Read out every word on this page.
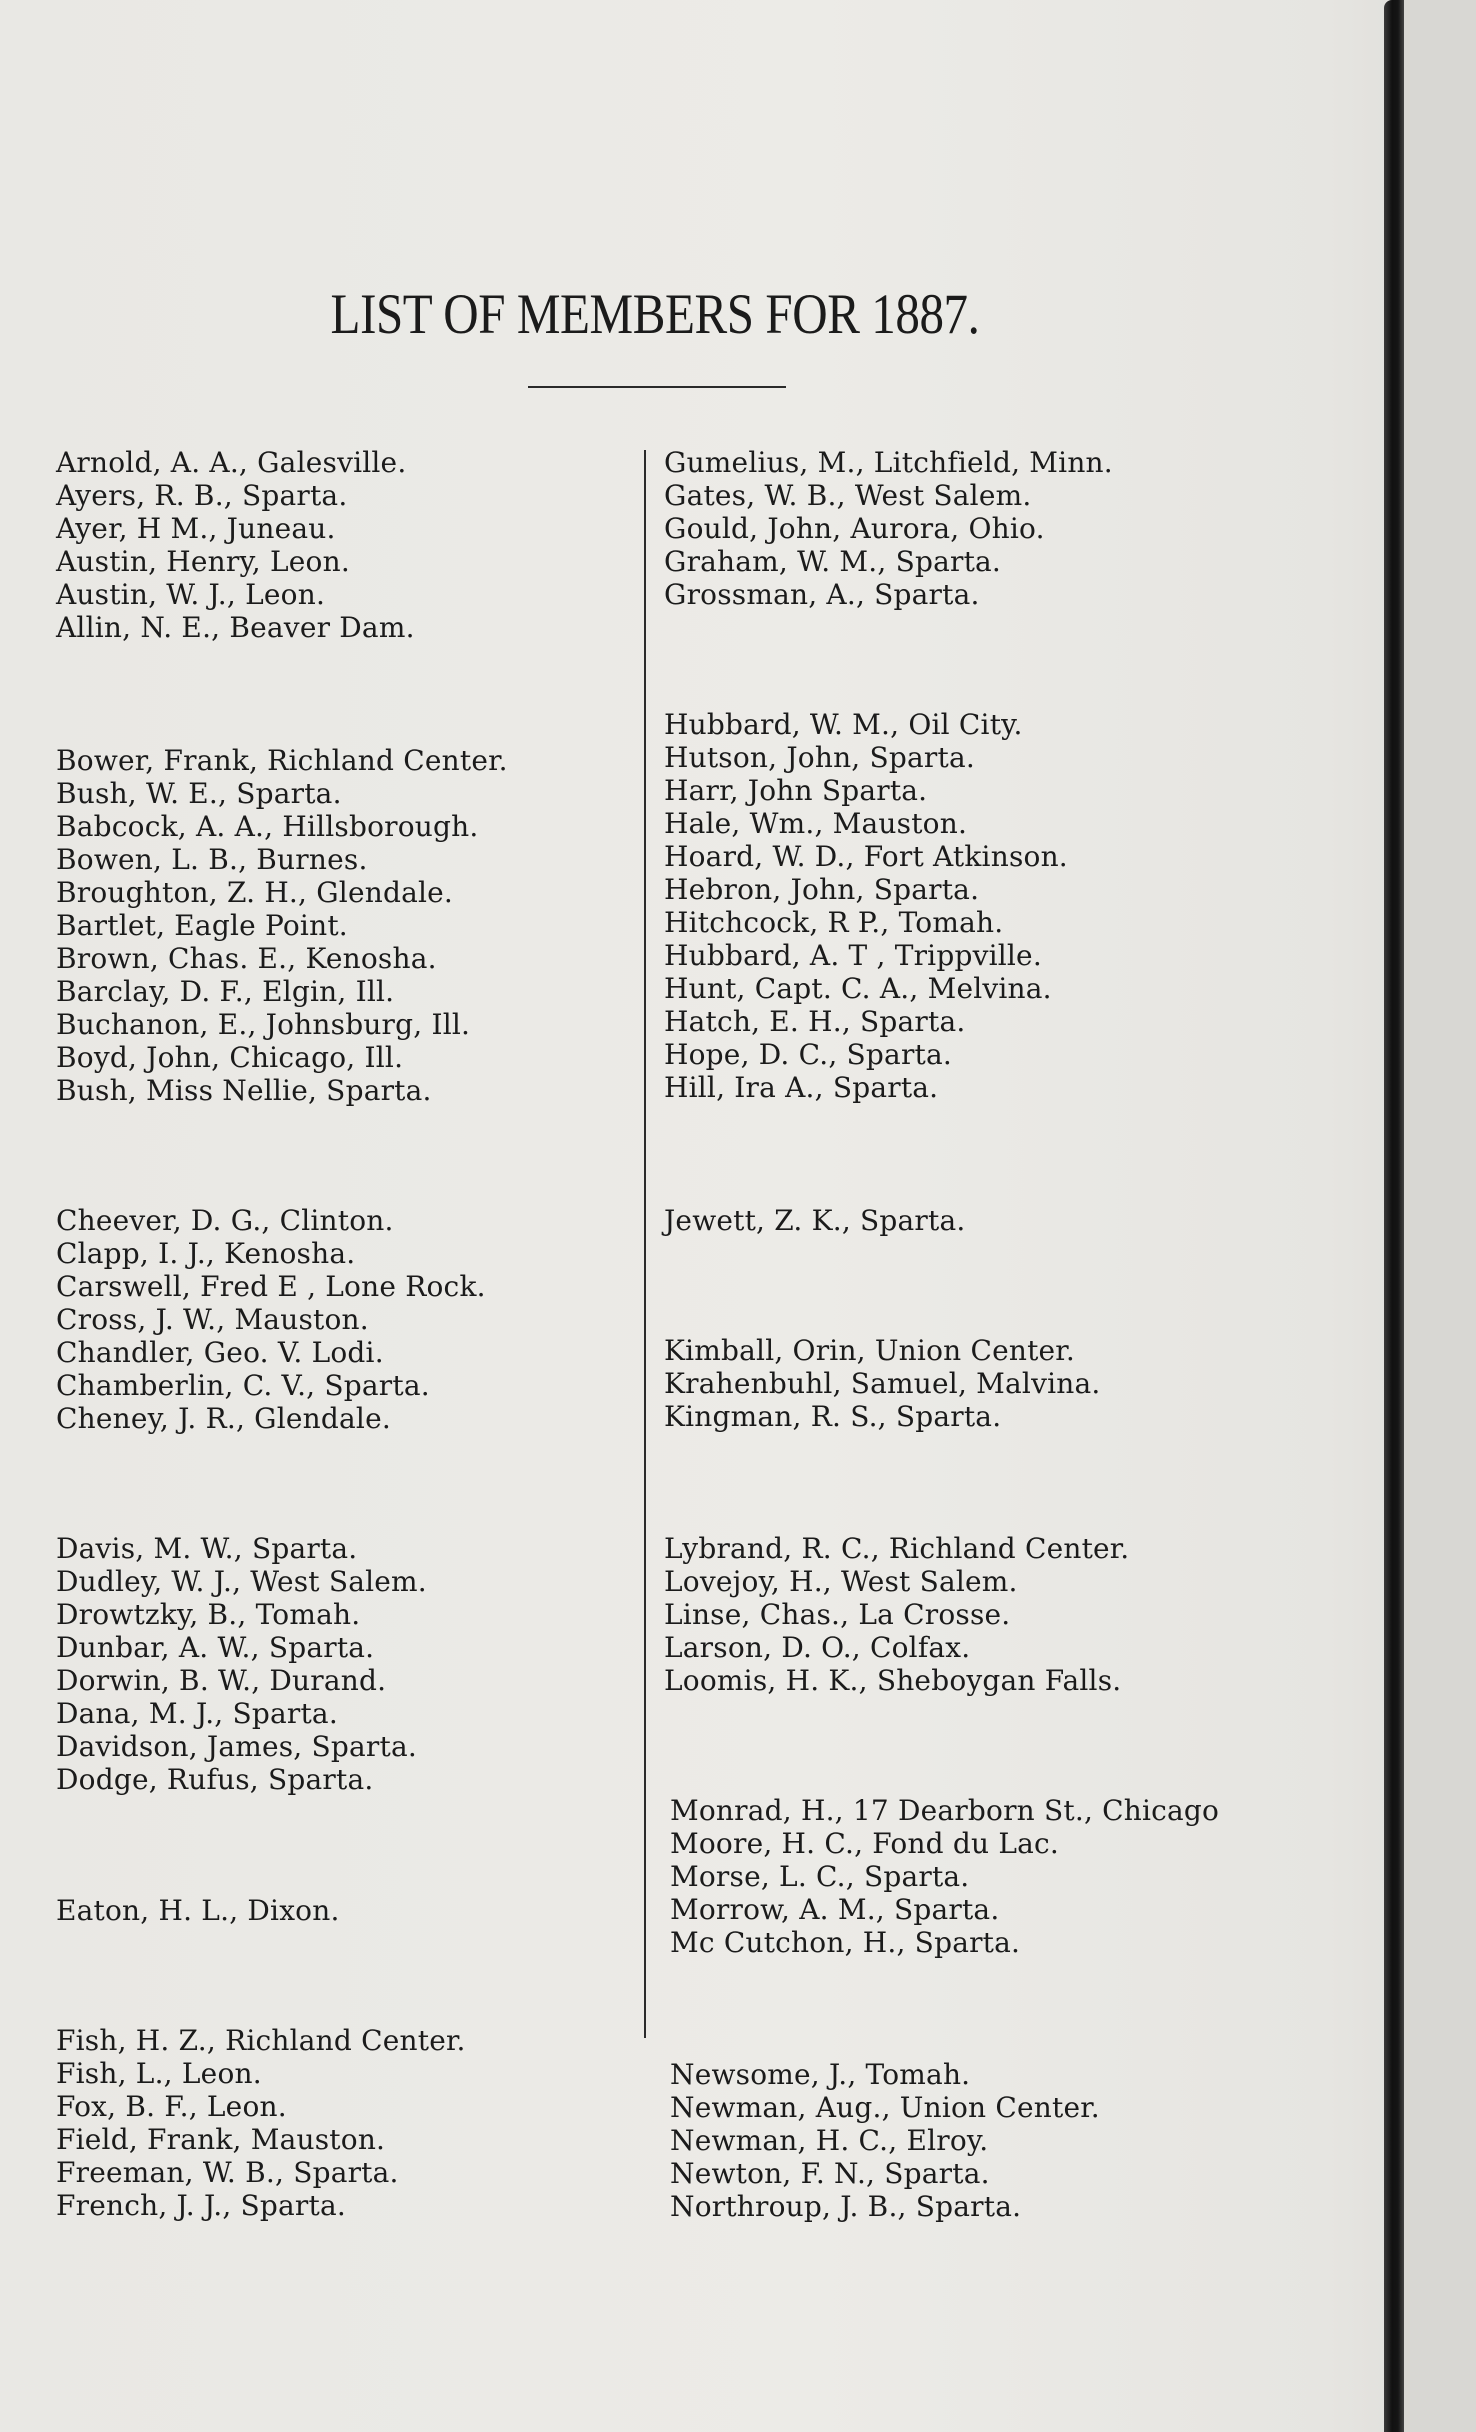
LIST OF MEMBERS FOR 1887.
Arnold, A. A., Galesville.
Ayers, R. B., Sparta.
Ayer, H M., Juneau.
Austin, Henry, Leon.
Austin, W. J., Leon.
Allin, N. E., Beaver Dam.
Bower, Frank, Richland Center.
Bush, W. E., Sparta.
Babcock, A. A., Hillsborough.
Bowen, L. B., Burnes.
Broughton, Z. H., Glendale.
Bartlet, Eagle Point.
Brown, Chas. E., Kenosha.
Barclay, D. F., Elgin, Ill.
Buchanon, E., Johnsburg, Ill.
Boyd, John, Chicago, Ill.
Bush, Miss Nellie, Sparta.
Cheever, D. G., Clinton.
Clapp, I. J., Kenosha.
Carswell, Fred E , Lone Rock.
Cross, J. W., Mauston.
Chandler, Geo. V. Lodi.
Chamberlin, C. V., Sparta.
Cheney, J. R., Glendale.
Davis, M. W., Sparta.
Dudley, W. J., West Salem.
Drowtzky, B., Tomah.
Dunbar, A. W., Sparta.
Dorwin, B. W., Durand.
Dana, M. J., Sparta.
Davidson, James, Sparta.
Dodge, Rufus, Sparta.
Eaton, H. L., Dixon.
Fish, H. Z., Richland Center.
Fish, L., Leon.
Fox, B. F., Leon.
Field, Frank, Mauston.
Freeman, W. B., Sparta.
French, J. J., Sparta.
Gumelius, M., Litchfield, Minn.
Gates, W. B., West Salem.
Gould, John, Aurora, Ohio.
Graham, W. M., Sparta.
Grossman, A., Sparta.
Hubbard, W. M., Oil City.
Hutson, John, Sparta.
Harr, John Sparta.
Hale, Wm., Mauston.
Hoard, W. D., Fort Atkinson.
Hebron, John, Sparta.
Hitchcock, R P., Tomah.
Hubbard, A. T , Trippville.
Hunt, Capt. C. A., Melvina.
Hatch, E. H., Sparta.
Hope, D. C., Sparta.
Hill, Ira A., Sparta.
Jewett, Z. K., Sparta.
Kimball, Orin, Union Center.
Krahenbuhl, Samuel, Malvina.
Kingman, R. S., Sparta.
Lybrand, R. C., Richland Center.
Lovejoy, H., West Salem.
Linse, Chas., La Crosse.
Larson, D. O., Colfax.
Loomis, H. K., Sheboygan Falls.
Monrad, H., 17 Dearborn St., Chicago
Moore, H. C., Fond du Lac.
Morse, L. C., Sparta.
Morrow, A. M., Sparta.
Mc Cutchon, H., Sparta.
Newsome, J., Tomah.
Newman, Aug., Union Center.
Newman, H. C., Elroy.
Newton, F. N., Sparta.
Northroup, J. B., Sparta.
